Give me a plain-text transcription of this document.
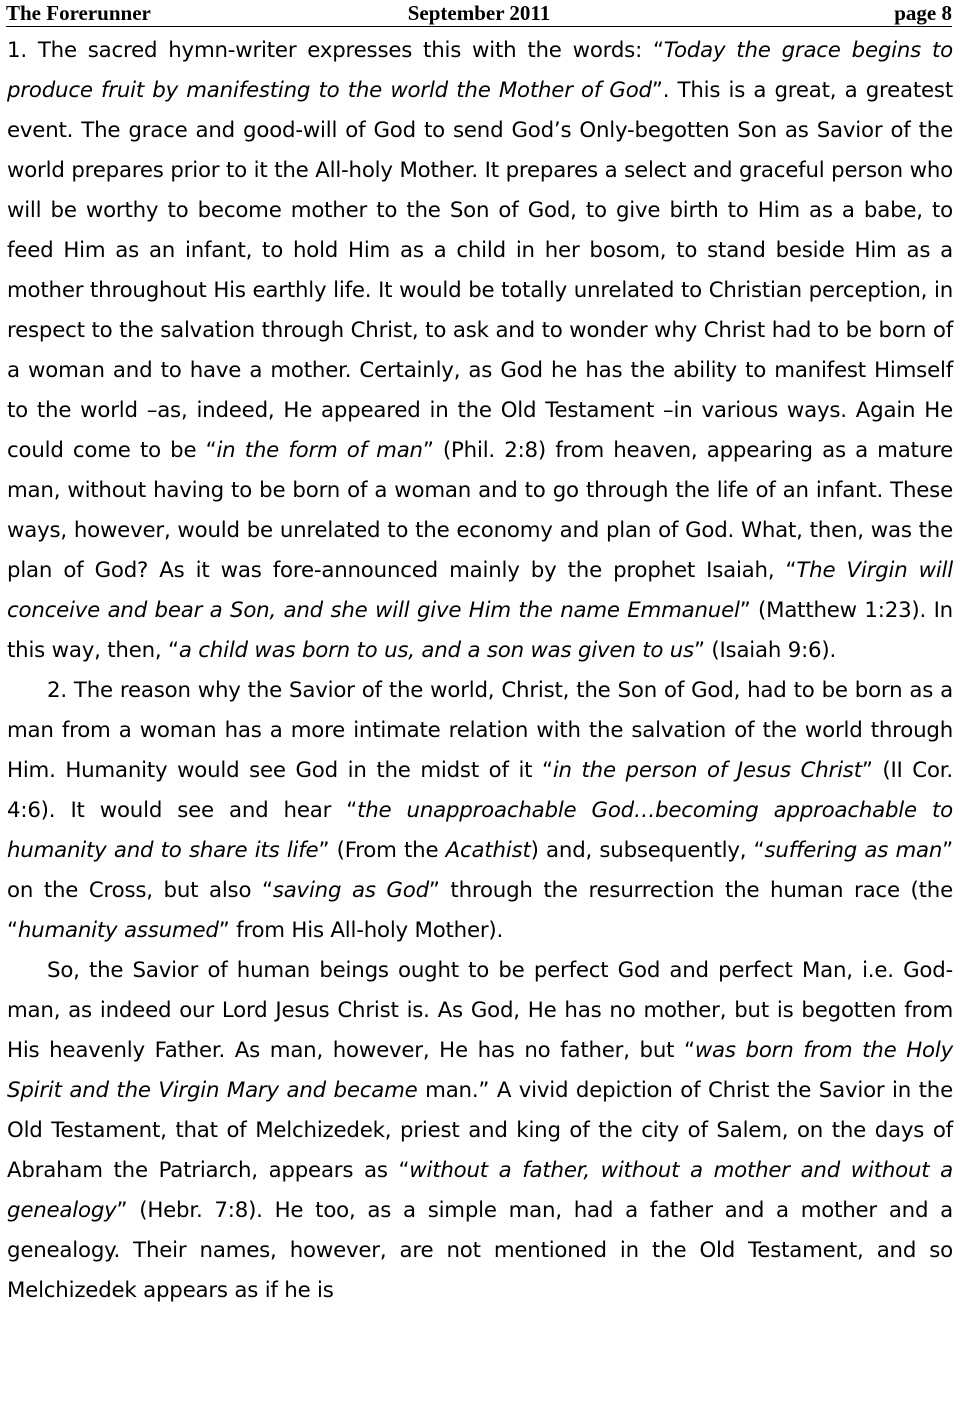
The Forerunner	September 2011	page 8

1. The sacred hymn-writer expresses this with the words: “Today the grace begins to produce fruit by manifesting to the world the Mother of God”. This is a great, a greatest event. The grace and good-will of God to send God’s Only-begotten Son as Savior of the world prepares prior to it the All-holy Mother. It prepares a select and graceful person who will be worthy to become mother to the Son of God, to give birth to Him as a babe, to feed Him as an infant, to hold Him as a child in her bosom, to stand beside Him as a mother throughout His earthly life. It would be totally unrelated to Christian perception, in respect to the salvation through Christ, to ask and to wonder why Christ had to be born of a woman and to have a mother. Certainly, as God he has the ability to manifest Himself to the world –as, indeed, He appeared in the Old Testament –in various ways. Again He could come to be “in the form of man” (Phil. 2:8) from heaven, appearing as a mature man, without having to be born of a woman and to go through the life of an infant. These ways, however, would be unrelated to the economy and plan of God. What, then, was the plan of God? As it was fore-announced mainly by the prophet Isaiah, “The Virgin will conceive and bear a Son, and she will give Him the name Emmanuel” (Matthew 1:23). In this way, then, “a child was born to us, and a son was given to us” (Isaiah 9:6).

2. The reason why the Savior of the world, Christ, the Son of God, had to be born as a man from a woman has a more intimate relation with the salvation of the world through Him. Humanity would see God in the midst of it “in the person of Jesus Christ” (II Cor. 4:6). It would see and hear “the unapproachable God…becoming approachable to humanity and to share its life” (From the Acathist) and, subsequently, “suffering as man” on the Cross, but also “saving as God” through the resurrection the human race (the “humanity assumed” from His All-holy Mother).

So, the Savior of human beings ought to be perfect God and perfect Man, i.e. God-man, as indeed our Lord Jesus Christ is. As God, He has no mother, but is begotten from His heavenly Father. As man, however, He has no father, but “was born from the Holy Spirit and the Virgin Mary and became man.” A vivid depiction of Christ the Savior in the Old Testament, that of Melchizedek, priest and king of the city of Salem, on the days of Abraham the Patriarch, appears as “without a father, without a mother and without a genealogy” (Hebr. 7:8). He too, as a simple man, had a father and a mother and a genealogy. Their names, however, are not mentioned in the Old Testament, and so Melchizedek appears as if he is
